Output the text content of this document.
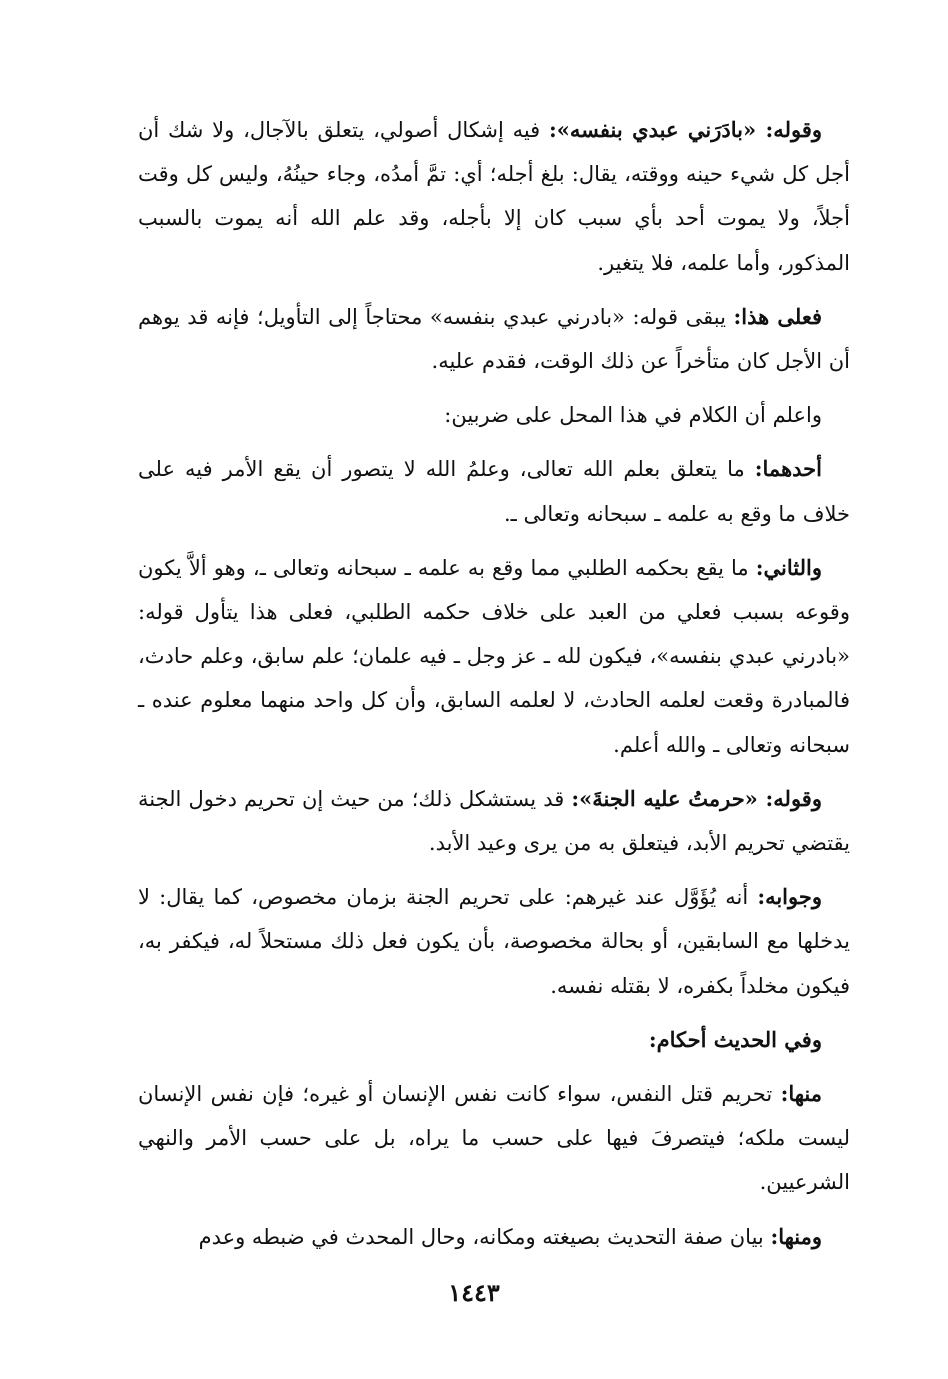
وقوله: «بادَرَني عبدي بنفسه»: فيه إشكال أصولي، يتعلق بالآجال، ولا شك أن أجل كل شيء حينه ووقته، يقال: بلغ أجله؛ أي: تمَّ أمدُه، وجاء حينُهُ، وليس كل وقت أجلاً، ولا يموت أحد بأي سبب كان إلا بأجله، وقد علم الله أنه يموت بالسبب المذكور، وأما علمه، فلا يتغير.

فعلى هذا: يبقى قوله: «بادرني عبدي بنفسه» محتاجاً إلى التأويل؛ فإنه قد يوهم أن الأجل كان متأخراً عن ذلك الوقت، فقدم عليه.

واعلم أن الكلام في هذا المحل على ضربين:

أحدهما: ما يتعلق بعلم الله تعالى، وعلمُ الله لا يتصور أن يقع الأمر فيه على خلاف ما وقع به علمه ـ سبحانه وتعالى ـ.

والثاني: ما يقع بحكمه الطلبي مما وقع به علمه ـ سبحانه وتعالى ـ، وهو ألاَّ يكون وقوعه بسبب فعلي من العبد على خلاف حكمه الطلبي، فعلى هذا يتأول قوله: «بادرني عبدي بنفسه»، فيكون لله ـ عز وجل ـ فيه علمان؛ علم سابق، وعلم حادث، فالمبادرة وقعت لعلمه الحادث، لا لعلمه السابق، وأن كل واحد منهما معلوم عنده ـ سبحانه وتعالى ـ والله أعلم.

وقوله: «حرمتُ عليه الجنةَ»: قد يستشكل ذلك؛ من حيث إن تحريم دخول الجنة يقتضي تحريم الأبد، فيتعلق به من يرى وعيد الأبد.

وجوابه: أنه يُؤَوَّل عند غيرهم: على تحريم الجنة بزمان مخصوص، كما يقال: لا يدخلها مع السابقين، أو بحالة مخصوصة، بأن يكون فعل ذلك مستحلاً له، فيكفر به، فيكون مخلداً بكفره، لا بقتله نفسه.

وفي الحديث أحكام:

منها: تحريم قتل النفس، سواء كانت نفس الإنسان أو غيره؛ فإن نفس الإنسان ليست ملكه؛ فيتصرفَ فيها على حسب ما يراه، بل على حسب الأمر والنهي الشرعيين.

ومنها: بيان صفة التحديث بصيغته ومكانه، وحال المحدث في ضبطه وعدم

١٤٤٣
